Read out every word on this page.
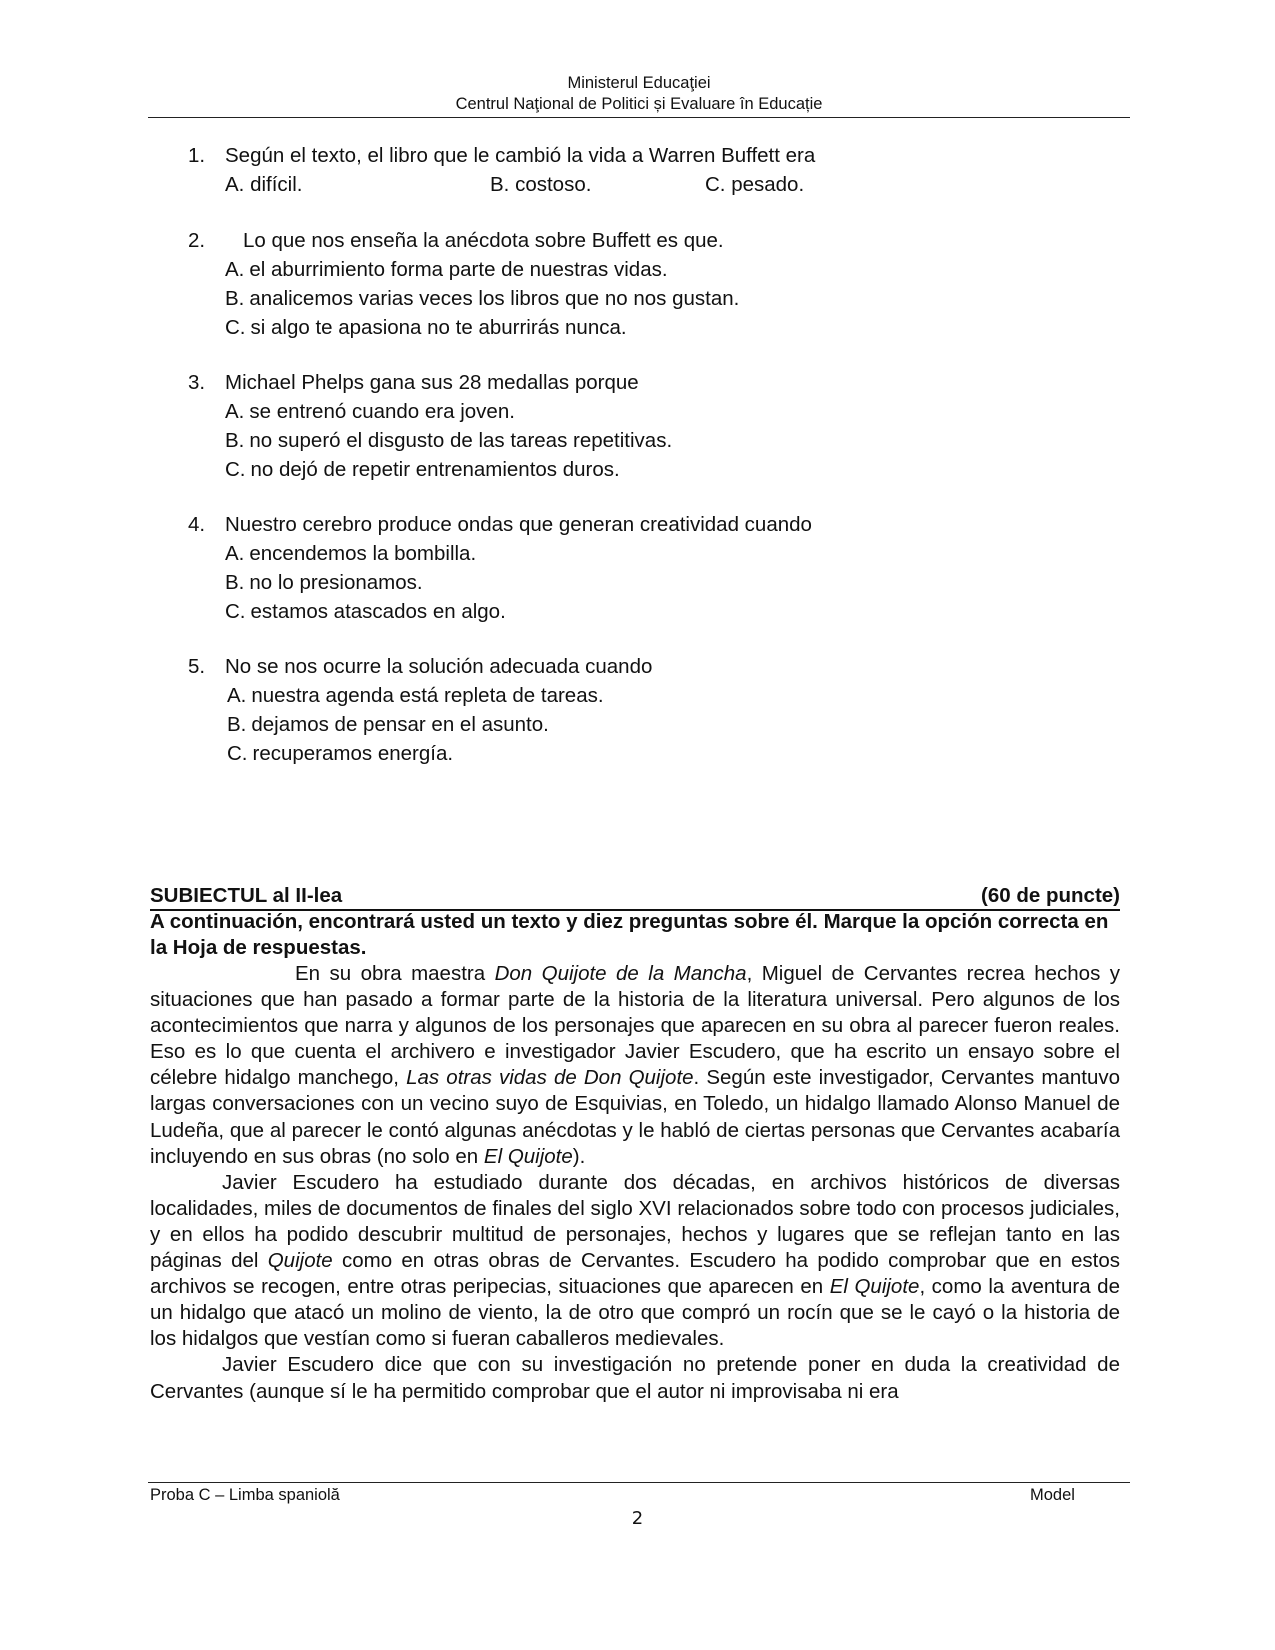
Ministerul Educaţiei
Centrul Naţional de Politici și Evaluare în Educație
1. Según el texto, el libro que le cambió la vida a Warren Buffett era
A. difícil.	B. costoso.	C. pesado.
2. Lo que nos enseña la anécdota sobre Buffett es que.
A. el aburrimiento forma parte de nuestras vidas.
B. analicemos varias veces los libros que no nos gustan.
C. si algo te apasiona no te aburrirás nunca.
3. Michael Phelps gana sus 28 medallas porque
A. se entrenó cuando era joven.
B. no superó el disgusto de las tareas repetitivas.
C. no dejó de repetir entrenamientos duros.
4. Nuestro cerebro produce ondas que generan creatividad cuando
A. encendemos la bombilla.
B. no lo presionamos.
C. estamos atascados en algo.
5. No se nos ocurre la solución adecuada cuando
A. nuestra agenda está repleta de tareas.
B. dejamos de pensar en el asunto.
C. recuperamos energía.
SUBIECTUL al II-lea	(60 de puncte)
A continuación, encontrará usted un texto y diez preguntas sobre él. Marque la opción correcta en la Hoja de respuestas.

En su obra maestra Don Quijote de la Mancha, Miguel de Cervantes recrea hechos y situaciones que han pasado a formar parte de la historia de la literatura universal. Pero algunos de los acontecimientos que narra y algunos de los personajes que aparecen en su obra al parecer fueron reales. Eso es lo que cuenta el archivero e investigador Javier Escudero, que ha escrito un ensayo sobre el célebre hidalgo manchego, Las otras vidas de Don Quijote. Según este investigador, Cervantes mantuvo largas conversaciones con un vecino suyo de Esquivias, en Toledo, un hidalgo llamado Alonso Manuel de Ludeña, que al parecer le contó algunas anécdotas y le habló de ciertas personas que Cervantes acabaría incluyendo en sus obras (no solo en El Quijote).

Javier Escudero ha estudiado durante dos décadas, en archivos históricos de diversas localidades, miles de documentos de finales del siglo XVI relacionados sobre todo con procesos judiciales, y en ellos ha podido descubrir multitud de personajes, hechos y lugares que se reflejan tanto en las páginas del Quijote como en otras obras de Cervantes. Escudero ha podido comprobar que en estos archivos se recogen, entre otras peripecias, situaciones que aparecen en El Quijote, como la aventura de un hidalgo que atacó un molino de viento, la de otro que compró un rocín que se le cayó o la historia de los hidalgos que vestían como si fueran caballeros medievales.

Javier Escudero dice que con su investigación no pretende poner en duda la creatividad de Cervantes (aunque sí le ha permitido comprobar que el autor ni improvisaba ni era

Proba C – Limba spaniolă	Model
2
